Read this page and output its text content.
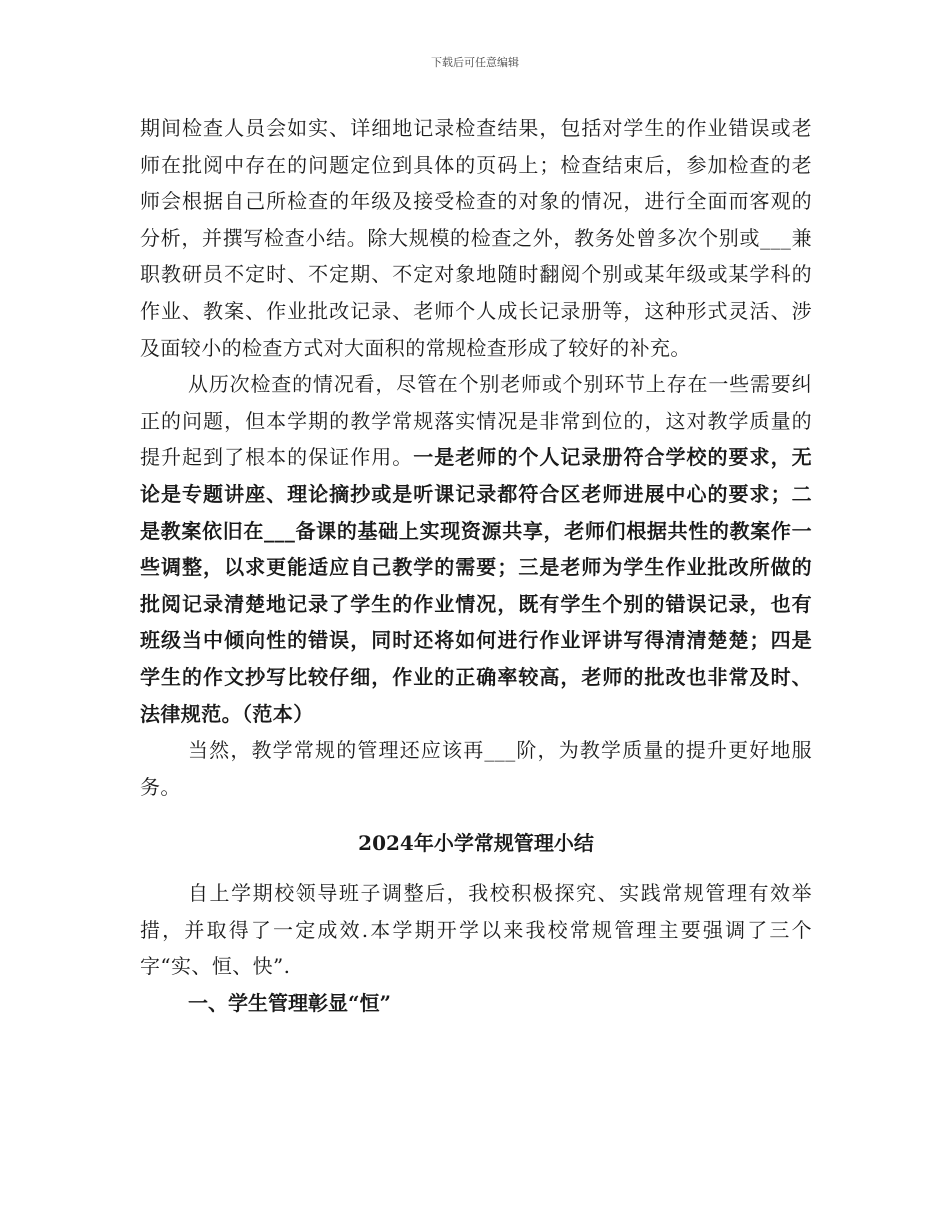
下载后可任意编辑

期间检查人员会如实、详细地记录检查结果，包括对学生的作业错误或老师在批阅中存在的问题定位到具体的页码上；检查结束后，参加检查的老师会根据自己所检查的年级及接受检查的对象的情况，进行全面而客观的分析，并撰写检查小结。除大规模的检查之外，教务处曾多次个别或___兼职教研员不定时、不定期、不定对象地随时翻阅个别或某年级或某学科的作业、教案、作业批改记录、老师个人成长记录册等，这种形式灵活、涉及面较小的检查方式对大面积的常规检查形成了较好的补充。

从历次检查的情况看，尽管在个别老师或个别环节上存在一些需要纠正的问题，但本学期的教学常规落实情况是非常到位的，这对教学质量的提升起到了根本的保证作用。一是老师的个人记录册符合学校的要求，无论是专题讲座、理论摘抄或是听课记录都符合区老师进展中心的要求；二是教案依旧在___备课的基础上实现资源共享，老师们根据共性的教案作一些调整，以求更能适应自己教学的需要；三是老师为学生作业批改所做的批阅记录清楚地记录了学生的作业情况，既有学生个别的错误记录，也有班级当中倾向性的错误，同时还将如何进行作业评讲写得清清楚楚；四是学生的作文抄写比较仔细，作业的正确率较高，老师的批改也非常及时、法律规范。（范本）

当然，教学常规的管理还应该再___阶，为教学质量的提升更好地服务。

2024年小学常规管理小结

自上学期校领导班子调整后，我校积极探究、实践常规管理有效举措，并取得了一定成效.本学期开学以来我校常规管理主要强调了三个字“实、恒、快”.

一、学生管理彰显“恒”
